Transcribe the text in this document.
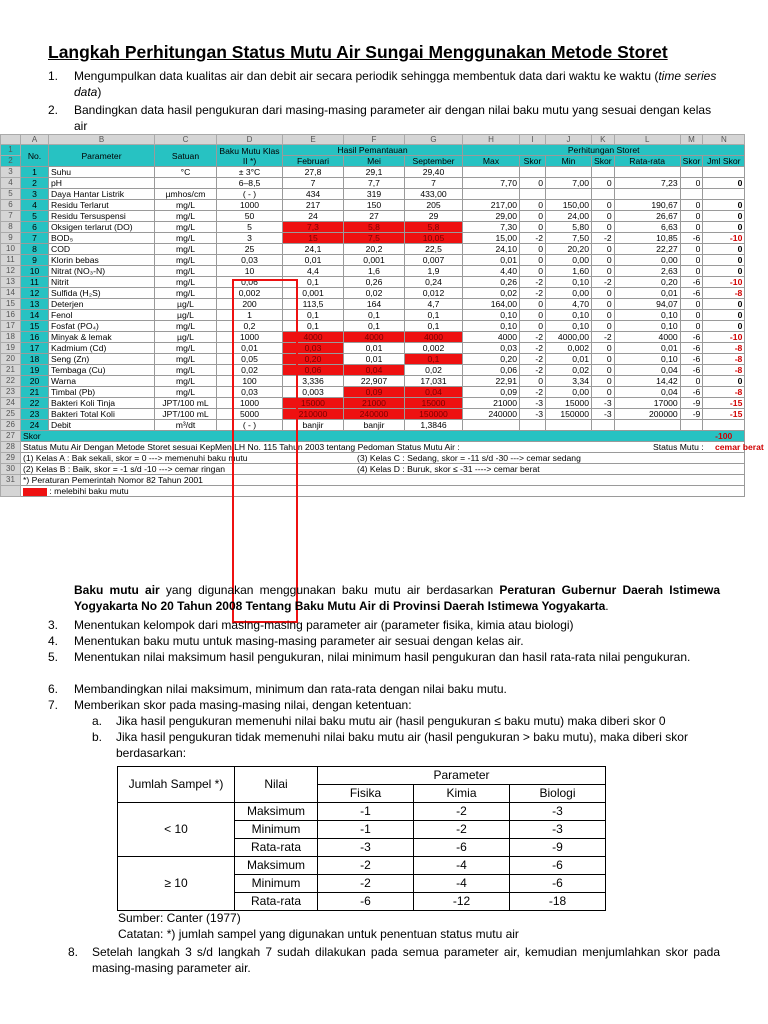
Langkah Perhitungan Status Mutu Air Sungai Menggunakan Metode Storet
1. Mengumpulkan data kualitas air dan debit air secara periodik sehingga membentuk data dari waktu ke waktu (time series data)
2. Bandingkan data hasil pengukuran dari masing-masing parameter air dengan nilai baku mutu yang sesuai dengan kelas air
	A	B	C	D	E	F	G	H	I	J	K	L	M	N
1	No.	Parameter	Satuan	Baku Mutu Klas II *)	Hasil Pemantauan			Perhitungan Storet						
2					Februari	Mei	September	Max	Skor	Min	Skor	Rata-rata	Skor	Jml Skor
3	1	Suhu	°C	± 3°C	27,8	29,1	29,40							
4	2	pH		6–8,5	7	7,7	7	7,70	0	7,00	0	7,23	0	0
5	3	Daya Hantar Listrik	µmhos/cm	( - )	434	319	433,00							
6	4	Residu Terlarut	mg/L	1000	217	150	205	217,00	0	150,00	0	190,67	0	0
7	5	Residu Tersuspensi	mg/L	50	24	27	29	29,00	0	24,00	0	26,67	0	0
8	6	Oksigen terlarut (DO)	mg/L	5	7,3	5,8	5,8	7,30	0	5,80	0	6,63	0	0
9	7	BOD₅	mg/L	3	15	7,5	10,05	15,00	-2	7,50	-2	10,85	-6	-10
10	8	COD	mg/L	25	24,1	20,2	22,5	24,10	0	20,20	0	22,27	0	0
11	9	Klorin bebas	mg/L	0,03	0,01	0,001	0,007	0,01	0	0,00	0	0,00	0	0
12	10	Nitrat (NO₃-N)	mg/L	10	4,4	1,6	1,9	4,40	0	1,60	0	2,63	0	0
13	11	Nitrit	mg/L	0,06	0,1	0,26	0,24	0,26	-2	0,10	-2	0,20	-6	-10
14	12	Sulfida (H₂S)	mg/L	0,002	0,001	0,02	0,012	0,02	-2	0,00	0	0,01	-6	-8
15	13	Deterjen	µg/L	200	113,5	164	4,7	164,00	0	4,70	0	94,07	0	0
16	14	Fenol	µg/L	1	0,1	0,1	0,1	0,10	0	0,10	0	0,10	0	0
17	15	Fosfat (PO₄)	mg/L	0,2	0,1	0,1	0,1	0,10	0	0,10	0	0,10	0	0
18	16	Minyak & lemak	µg/L	1000	4000	4000	4000	4000	-2	4000,00	-2	4000	-6	-10
19	17	Kadmium (Cd)	mg/L	0,01	0,03	0,01	0,002	0,03	-2	0,002	0	0,01	-6	-8
20	18	Seng (Zn)	mg/L	0,05	0,20	0,01	0,1	0,20	-2	0,01	0	0,10	-6	-8
21	19	Tembaga (Cu)	mg/L	0,02	0,06	0,04	0,02	0,06	-2	0,02	0	0,04	-6	-8
22	20	Warna	mg/L	100	3,336	22,907	17,031	22,91	0	3,34	0	14,42	0	0
23	21	Timbal (Pb)	mg/L	0,03	0,003	0,09	0,04	0,09	-2	0,00	0	0,04	-6	-8
24	22	Bakteri Koli Tinja	JPT/100 mL	1000	15000	21000	15000	21000	-3	15000	-3	17000	-9	-15
25	23	Bakteri Total Koli	JPT/100 mL	5000	210000	240000	150000	240000	-3	150000	-3	200000	-9	-15
26	24	Debit	m³/dt	( - )	banjir	banjir	1,3846							
27	Skor -100													

28	Status Mutu Air Dengan Metode Storet sesuai KepMen LH No. 115 Tahun 2003 tentang Pedoman Status Mutu Air : Status Mutu : cemar berat													

29	(1) Kelas A : Bak sekali, skor = 0 ---> memenuhi baku mutu (3) Kelas C : Sedang, skor = -11 s/d -30 ---> cemar sedang													

30	(2) Kelas B : Baik, skor = -1 s/d -10 ---> cemar ringan (4) Kelas D : Buruk, skor ≤ -31 ----> cemar berat													

31	*) Peraturan Pemerintah Nomor 82 Tahun 2001													
	: melebihi baku mutu													
Baku mutu air yang digunakan menggunakan baku mutu air berdasarkan Peraturan Gubernur Daerah Istimewa Yogyakarta No 20 Tahun 2008 Tentang Baku Mutu Air di Provinsi Daerah Istimewa Yogyakarta.
3. Menentukan kelompok dari masing-masing parameter air (parameter fisika, kimia atau biologi)
4. Menentukan baku mutu untuk masing-masing parameter air sesuai dengan kelas air.
5. Menentukan nilai maksimum hasil pengukuran, nilai minimum hasil pengukuran dan hasil rata-rata nilai pengukuran.
6. Membandingkan nilai maksimum, minimum dan rata-rata dengan nilai baku mutu.
7. Memberikan skor pada masing-masing nilai, dengan ketentuan:
a. Jika hasil pengukuran memenuhi nilai baku mutu air (hasil pengukuran ≤ baku mutu) maka diberi skor 0
b. Jika hasil pengukuran tidak memenuhi nilai baku mutu air (hasil pengukuran > baku mutu), maka diberi skor berdasarkan:
Jumlah Sampel *)	Nilai	Parameter		
		Fisika	Kimia	Biologi
< 10	Maksimum	-1	-2	-3
	Minimum	-1	-2	-3
	Rata-rata	-3	-6	-9
≥ 10	Maksimum	-2	-4	-6
	Minimum	-2	-4	-6
	Rata-rata	-6	-12	-18
Sumber: Canter (1977)
Catatan: *) jumlah sampel yang digunakan untuk penentuan status mutu air
8. Setelah langkah 3 s/d langkah 7 sudah dilakukan pada semua parameter air, kemudian menjumlahkan skor pada masing-masing parameter air.
